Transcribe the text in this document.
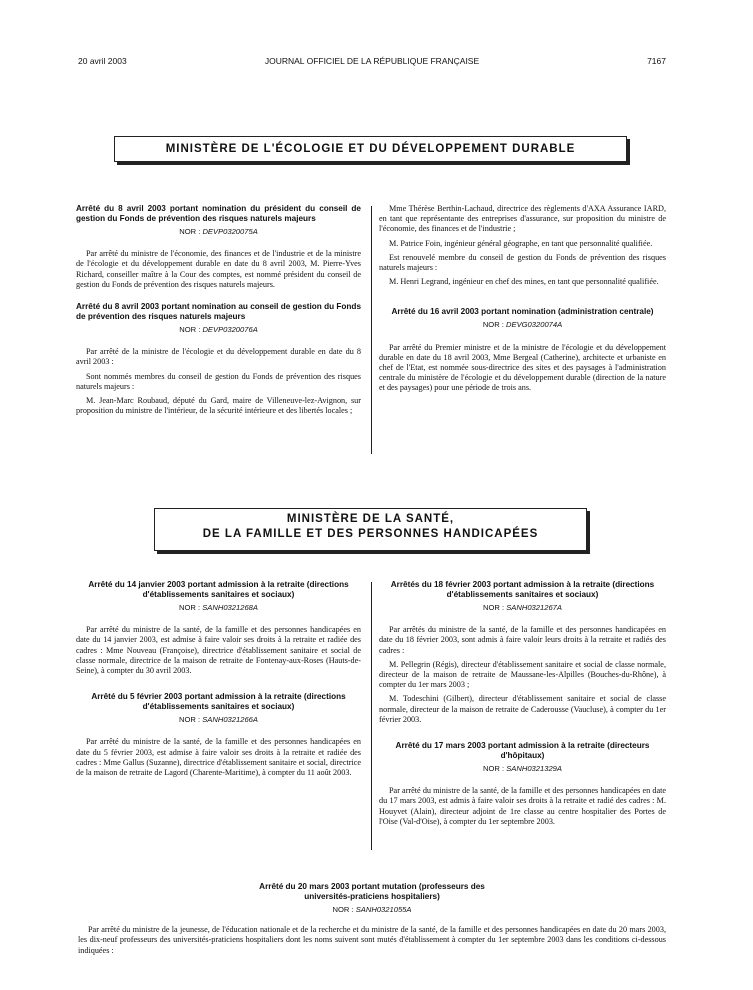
20 avril 2003	JOURNAL OFFICIEL DE LA RÉPUBLIQUE FRANÇAISE	7167
MINISTÈRE DE L'ÉCOLOGIE ET DU DÉVELOPPEMENT DURABLE
Arrêté du 8 avril 2003 portant nomination du président du conseil de gestion du Fonds de prévention des risques naturels majeurs
NOR : DEVP0320075A

Par arrêté du ministre de l'économie, des finances et de l'industrie et de la ministre de l'écologie et du développement durable en date du 8 avril 2003, M. Pierre-Yves Richard, conseiller maître à la Cour des comptes, est nommé président du conseil de gestion du Fonds de prévention des risques naturels majeurs.

Arrêté du 8 avril 2003 portant nomination au conseil de gestion du Fonds de prévention des risques naturels majeurs
NOR : DEVP0320076A

Par arrêté de la ministre de l'écologie et du développement durable en date du 8 avril 2003 :

Sont nommés membres du conseil de gestion du Fonds de prévention des risques naturels majeurs :

M. Jean-Marc Roubaud, député du Gard, maire de Villeneuve-lez-Avignon, sur proposition du ministre de l'intérieur, de la sécurité intérieure et des libertés locales ;

Mme Thérèse Berthin-Lachaud, directrice des règlements d'AXA Assurance IARD, en tant que représentante des entreprises d'assurance, sur proposition du ministre de l'économie, des finances et de l'industrie ;

M. Patrice Foin, ingénieur général géographe, en tant que personnalité qualifiée.

Est renouvelé membre du conseil de gestion du Fonds de prévention des risques naturels majeurs :

M. Henri Legrand, ingénieur en chef des mines, en tant que personnalité qualifiée.

Arrêté du 16 avril 2003 portant nomination (administration centrale)
NOR : DEVG0320074A

Par arrêté du Premier ministre et de la ministre de l'écologie et du développement durable en date du 18 avril 2003, Mme Bergeal (Catherine), architecte et urbaniste en chef de l'Etat, est nommée sous-directrice des sites et des paysages à l'administration centrale du ministère de l'écologie et du développement durable (direction de la nature et des paysages) pour une période de trois ans.

MINISTÈRE DE LA SANTÉ,
DE LA FAMILLE ET DES PERSONNES HANDICAPÉES
Arrêté du 14 janvier 2003 portant admission à la retraite (directions d'établissements sanitaires et sociaux)
NOR : SANH0321268A

Par arrêté du ministre de la santé, de la famille et des personnes handicapées en date du 14 janvier 2003, est admise à faire valoir ses droits à la retraite et radiée des cadres : Mme Nouveau (Françoise), directrice d'établissement sanitaire et social de classe normale, directrice de la maison de retraite de Fontenay-aux-Roses (Hauts-de-Seine), à compter du 30 avril 2003.

Arrêté du 5 février 2003 portant admission à la retraite (directions d'établissements sanitaires et sociaux)
NOR : SANH0321266A

Par arrêté du ministre de la santé, de la famille et des personnes handicapées en date du 5 février 2003, est admise à faire valoir ses droits à la retraite et radiée des cadres : Mme Gallus (Suzanne), directrice d'établissement sanitaire et social, directrice de la maison de retraite de Lagord (Charente-Maritime), à compter du 11 août 2003.

Arrêtés du 18 février 2003 portant admission à la retraite (directions d'établissements sanitaires et sociaux)
NOR : SANH0321267A

Par arrêtés du ministre de la santé, de la famille et des personnes handicapées en date du 18 février 2003, sont admis à faire valoir leurs droits à la retraite et radiés des cadres :

M. Pellegrin (Régis), directeur d'établissement sanitaire et social de classe normale, directeur de la maison de retraite de Maussane-les-Alpilles (Bouches-du-Rhône), à compter du 1er mars 2003 ;

M. Todeschini (Gilbert), directeur d'établissement sanitaire et social de classe normale, directeur de la maison de retraite de Caderousse (Vaucluse), à compter du 1er février 2003.

Arrêté du 17 mars 2003 portant admission à la retraite (directeurs d'hôpitaux)
NOR : SANH0321329A

Par arrêté du ministre de la santé, de la famille et des personnes handicapées en date du 17 mars 2003, est admis à faire valoir ses droits à la retraite et radié des cadres : M. Houyvet (Alain), directeur adjoint de 1re classe au centre hospitalier des Portes de l'Oise (Val-d'Oise), à compter du 1er septembre 2003.

Arrêté du 20 mars 2003 portant mutation (professeurs des universités-praticiens hospitaliers)
NOR : SANH0321055A

Par arrêté du ministre de la jeunesse, de l'éducation nationale et de la recherche et du ministre de la santé, de la famille et des personnes handicapées en date du 20 mars 2003, les dix-neuf professeurs des universités-praticiens hospitaliers dont les noms suivent sont mutés d'établissement à compter du 1er septembre 2003 dans les conditions ci-dessous indiquées :
